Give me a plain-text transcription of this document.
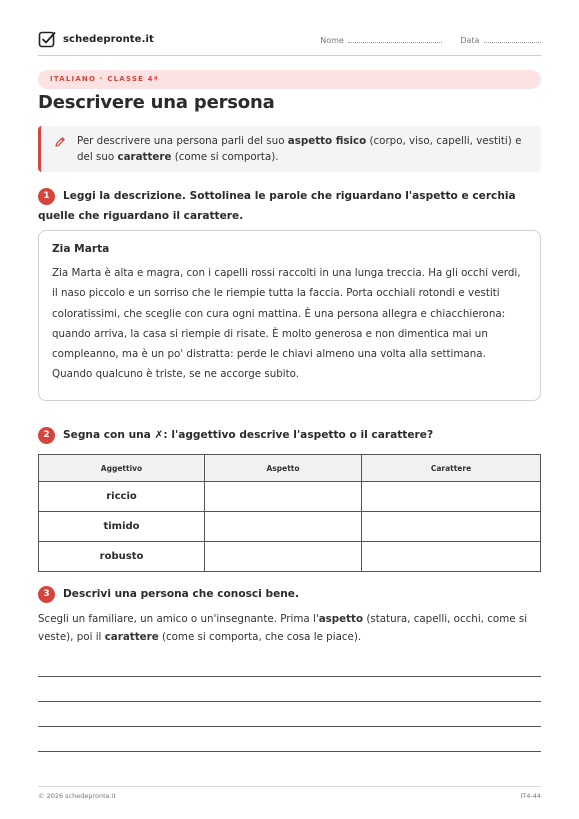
schedepronte.it	Nome	Data
ITALIANO · CLASSE 4ª
Descrivere una persona
Per descrivere una persona parli del suo aspetto fisico (corpo, viso, capelli, vestiti) e del suo carattere (come si comporta).
1 Leggi la descrizione. Sottolinea le parole che riguardano l'aspetto e cerchia quelle che riguardano il carattere.
Zia Marta
Zia Marta è alta e magra, con i capelli rossi raccolti in una lunga treccia. Ha gli occhi verdi, il naso piccolo e un sorriso che le riempie tutta la faccia. Porta occhiali rotondi e vestiti coloratissimi, che sceglie con cura ogni mattina. È una persona allegra e chiacchierona: quando arriva, la casa si riempie di risate. È molto generosa e non dimentica mai un compleanno, ma è un po' distratta: perde le chiavi almeno una volta alla settimana. Quando qualcuno è triste, se ne accorge subito.
2 Segna con una ✗: l'aggettivo descrive l'aspetto o il carattere?
Aggettivo	Aspetto	Carattere
riccio		
timido		
robusto		
3 Descrivi una persona che conosci bene.
Scegli un familiare, un amico o un'insegnante. Prima l'aspetto (statura, capelli, occhi, come si veste), poi il carattere (come si comporta, che cosa le piace).
© 2026 schedepronte.it	IT4-44
